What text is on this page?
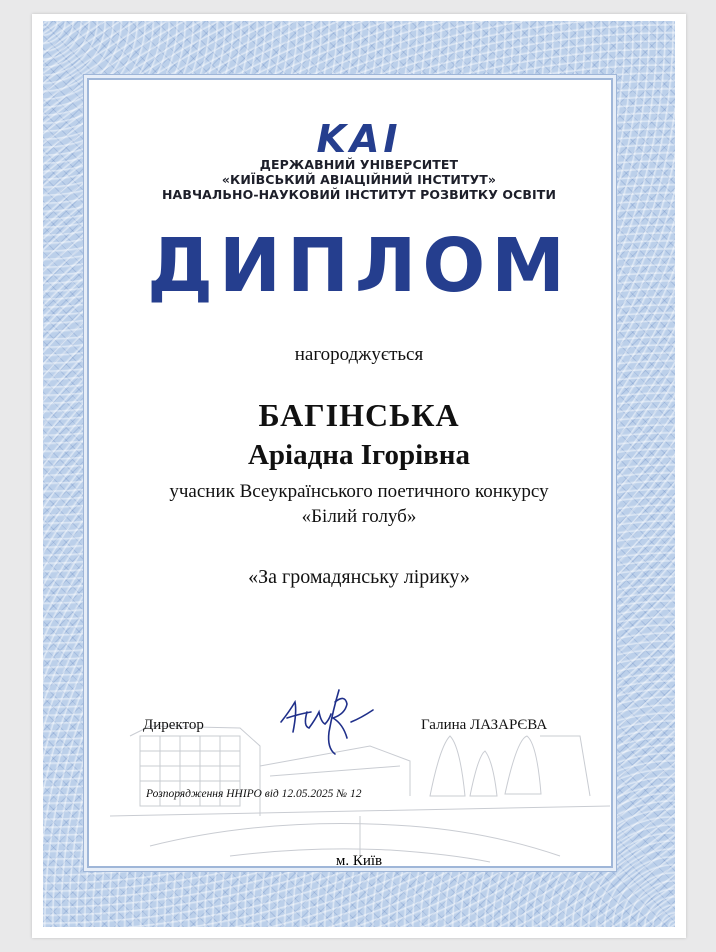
KAI
ДЕРЖАВНИЙ УНІВЕРСИТЕТ
«КИЇВСЬКИЙ АВІАЦІЙНИЙ ІНСТИТУТ»
НАВЧАЛЬНО-НАУКОВИЙ ІНСТИТУТ РОЗВИТКУ ОСВІТИ
ДИПЛОМ
нагороджується
БАГІНСЬКА
Аріадна Ігорівна
учасник Всеукраїнського поетичного конкурсу
«Білий голуб»
«За громадянську лірику»
Директор	Галина ЛАЗАРЄВА
Розпорядження ННІРО від 12.05.2025 № 12
м. Київ
